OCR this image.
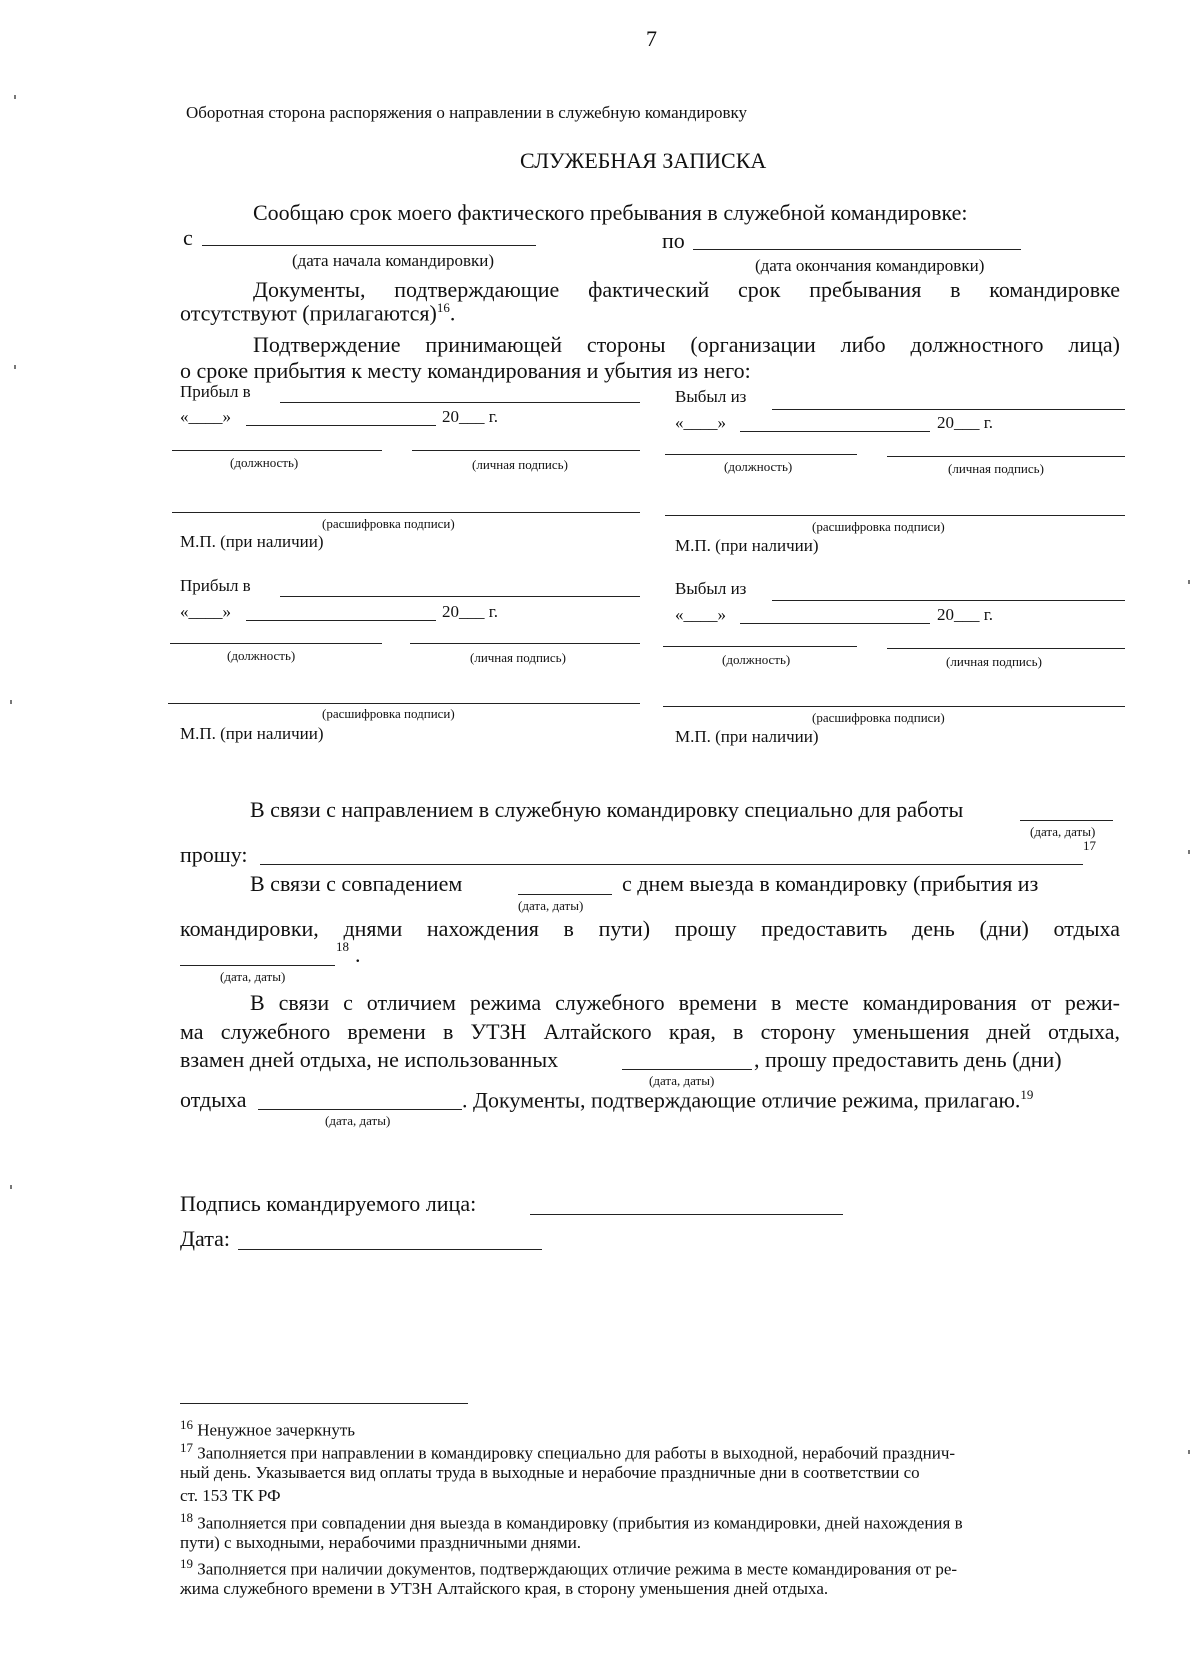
7
Оборотная сторона распоряжения о направлении в служебную командировку
СЛУЖЕБНАЯ ЗАПИСКА
Сообщаю срок моего фактического пребывания в служебной командировке:
с	по
(дата начала командировки)	(дата окончания командировки)
Документы, подтверждающие фактический срок пребывания в командировке
отсутствуют (прилагаются)$^{16}$.
Подтверждение принимающей стороны (организации либо должностного лица)
о сроке прибытия к месту командирования и убытия из него:
Прибыл в
«____»	20___ г.
(должность)	(личная подпись)
(расшифровка подписи)
М.П. (при наличии)
Выбыл из
«____»	20___ г.
(должность)	(личная подпись)
(расшифровка подписи)
М.П. (при наличии)
Прибыл в
«____»	20___ г.
(должность)	(личная подпись)
(расшифровка подписи)
М.П. (при наличии)
Выбыл из
«____»	20___ г.
(должность)	(личная подпись)
(расшифровка подписи)
М.П. (при наличии)
В связи с направлением в служебную командировку специально для работы
(дата, даты)
17
прошу:
В связи с совпадением	с днем выезда в командировку (прибытия из
(дата, даты)
командировки, днями нахождения в пути) прошу предоставить день (дни) отдыха
18 .
(дата, даты)
В связи с отличием режима служебного времени в месте командирования от режи-
ма служебного времени в УТЗН Алтайского края, в сторону уменьшения дней отдыха,
взамен дней отдыха, не использованных	, прошу предоставить день (дни)
(дата, даты)
отдыха	. Документы, подтверждающие отличие режима, прилагаю.$^{19}$
(дата, даты)
Подпись командируемого лица:
Дата:
$^{16}$ Ненужное зачеркнуть
$^{17}$ Заполняется при направлении в командировку специально для работы в выходной, нерабочий празднич-
ный день. Указывается вид оплаты труда в выходные и нерабочие праздничные дни в соответствии со
ст. 153 ТК РФ
$^{18}$ Заполняется при совпадении дня выезда в командировку (прибытия из командировки, дней нахождения в
пути) с выходными, нерабочими праздничными днями.
$^{19}$ Заполняется при наличии документов, подтверждающих отличие режима в месте командирования от ре-
жима служебного времени в УТЗН Алтайского края, в сторону уменьшения дней отдыха.
